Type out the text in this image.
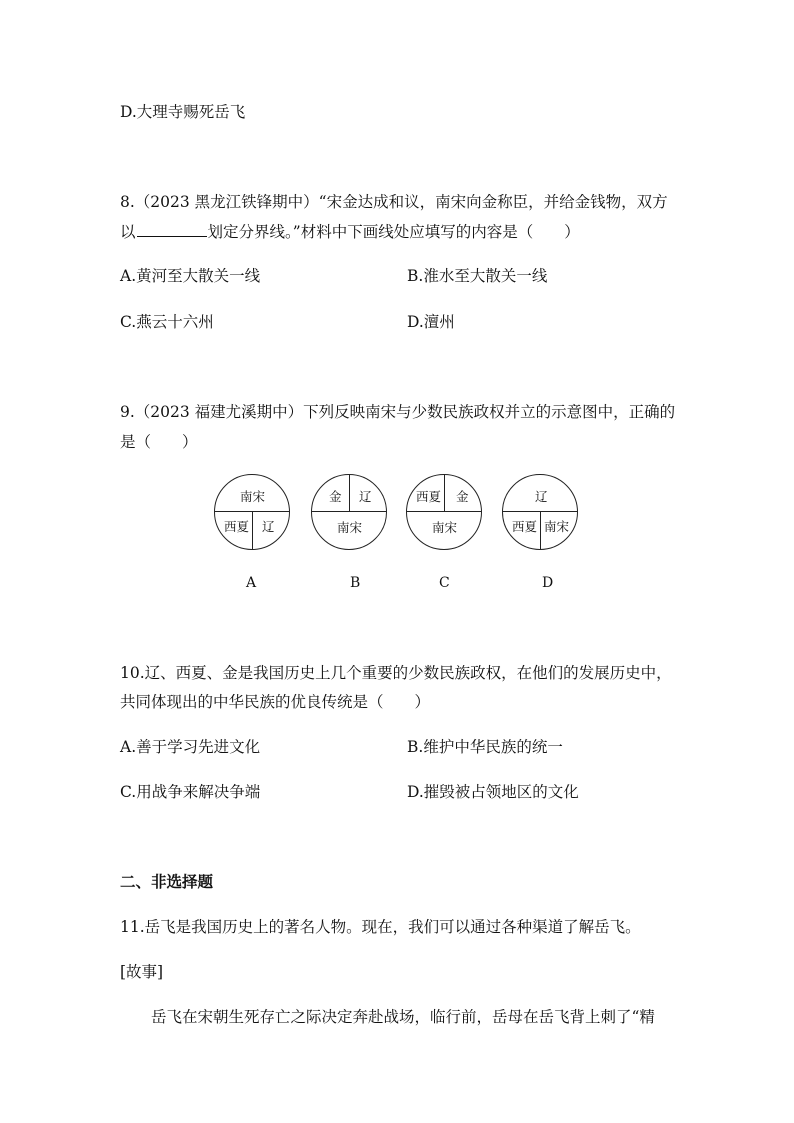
D.大理寺赐死岳飞
8.（2023 黑龙江铁锋期中）“宋金达成和议，南宋向金称臣，并给金钱物，双方
以	划定分界线。”材料中下画线处应填写的内容是（　　）
A.黄河至大散关一线	B.淮水至大散关一线
C.燕云十六州	D.澶州
9.（2023 福建尤溪期中）下列反映南宋与少数民族政权并立的示意图中，正确的
是（　　）
南宋
西夏 辽
A
金 辽
南宋
B
西夏 金
南宋
C
辽
西夏 南宋
D
10.辽、西夏、金是我国历史上几个重要的少数民族政权，在他们的发展历史中，
共同体现出的中华民族的优良传统是（　　）
A.善于学习先进文化	B.维护中华民族的统一
C.用战争来解决争端	D.摧毁被占领地区的文化
二、非选择题
11.岳飞是我国历史上的著名人物。现在，我们可以通过各种渠道了解岳飞。
[故事]
岳飞在宋朝生死存亡之际决定奔赴战场，临行前，岳母在岳飞背上刺了“精
